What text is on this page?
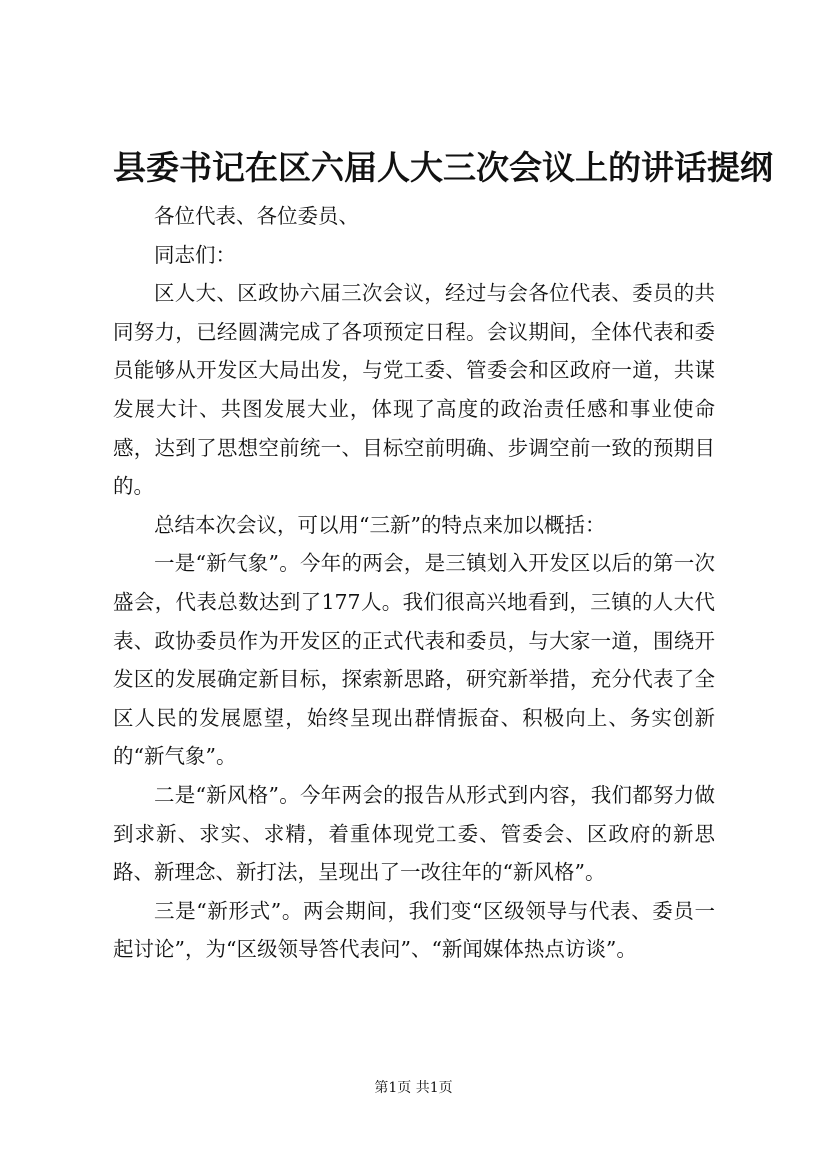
县委书记在区六届人大三次会议上的讲话提纲

各位代表、各位委员、

同志们：

区人大、区政协六届三次会议，经过与会各位代表、委员的共同努力，已经圆满完成了各项预定日程。会议期间，全体代表和委员能够从开发区大局出发，与党工委、管委会和区政府一道，共谋发展大计、共图发展大业，体现了高度的政治责任感和事业使命感，达到了思想空前统一、目标空前明确、步调空前一致的预期目的。

总结本次会议，可以用“三新”的特点来加以概括：

一是“新气象”。今年的两会，是三镇划入开发区以后的第一次盛会，代表总数达到了177人。我们很高兴地看到，三镇的人大代表、政协委员作为开发区的正式代表和委员，与大家一道，围绕开发区的发展确定新目标，探索新思路，研究新举措，充分代表了全区人民的发展愿望，始终呈现出群情振奋、积极向上、务实创新的“新气象”。

二是“新风格”。今年两会的报告从形式到内容，我们都努力做到求新、求实、求精，着重体现党工委、管委会、区政府的新思路、新理念、新打法，呈现出了一改往年的“新风格”。

三是“新形式”。两会期间，我们变“区级领导与代表、委员一起讨论”，为“区级领导答代表问”、“新闻媒体热点访谈”。

第1页 共1页
